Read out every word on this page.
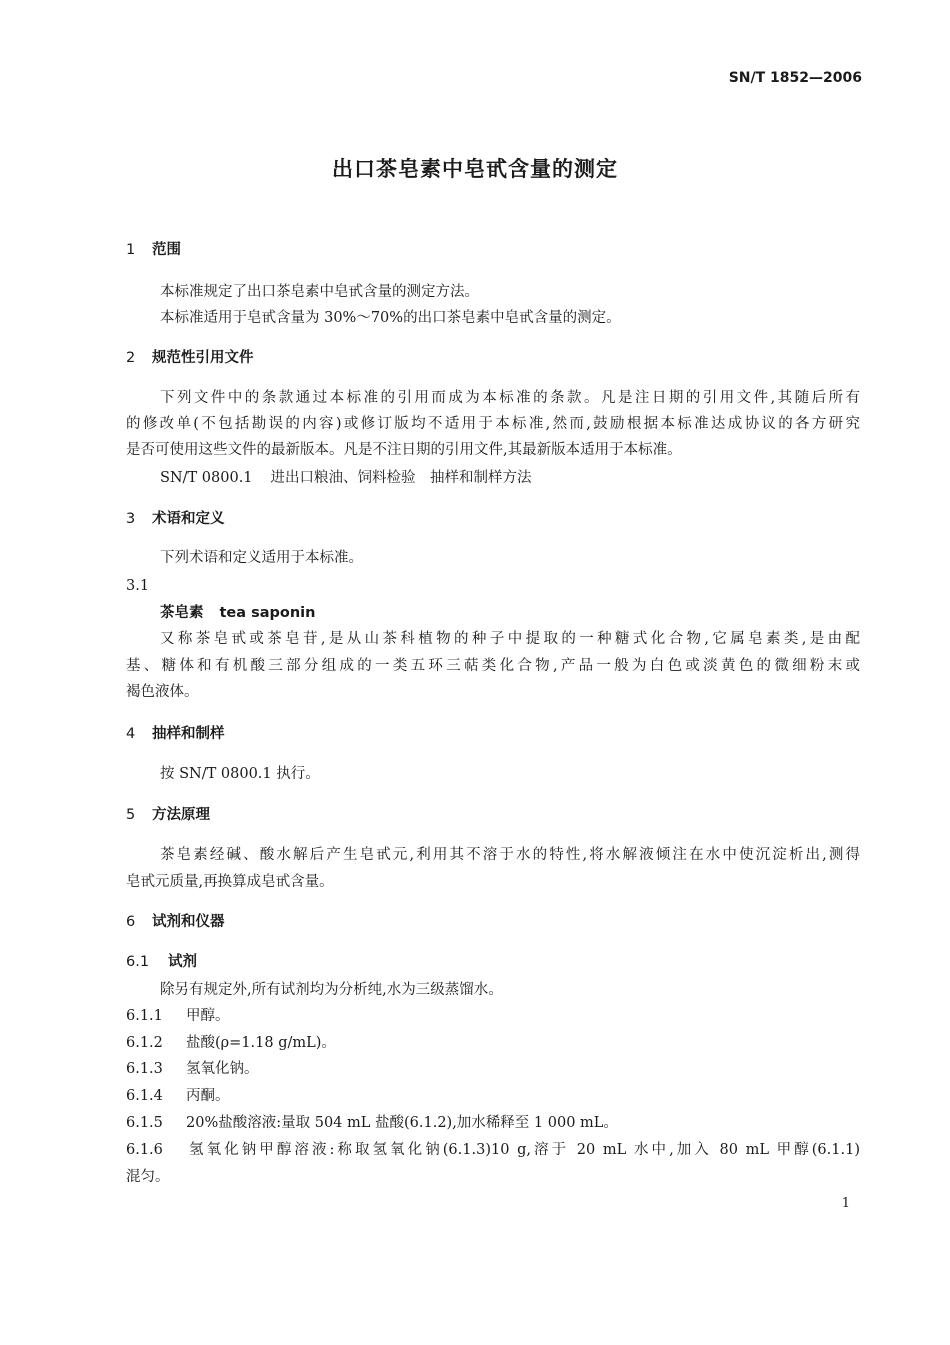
SN/T 1852—2006
出口茶皂素中皂甙含量的测定
1 范围
本标准规定了出口茶皂素中皂甙含量的测定方法。
本标准适用于皂甙含量为 30%～70%的出口茶皂素中皂甙含量的测定。
2 规范性引用文件
下列文件中的条款通过本标准的引用而成为本标准的条款。凡是注日期的引用文件,其随后所有
的修改单(不包括勘误的内容)或修订版均不适用于本标准,然而,鼓励根据本标准达成协议的各方研究
是否可使用这些文件的最新版本。凡是不注日期的引用文件,其最新版本适用于本标准。
SN/T 0800.1 进出口粮油、饲料检验　抽样和制样方法
3 术语和定义
下列术语和定义适用于本标准。
3.1
茶皂素 tea saponin
又称茶皂甙或茶皂苷,是从山茶科植物的种子中提取的一种糖式化合物,它属皂素类,是由配
基、糖体和有机酸三部分组成的一类五环三萜类化合物,产品一般为白色或淡黄色的微细粉末或
褐色液体。
4 抽样和制样
按 SN/T 0800.1 执行。
5 方法原理
茶皂素经碱、酸水解后产生皂甙元,利用其不溶于水的特性,将水解液倾注在水中使沉淀析出,测得
皂甙元质量,再换算成皂甙含量。
6 试剂和仪器
6.1 试剂
除另有规定外,所有试剂均为分析纯,水为三级蒸馏水。
6.1.1 甲醇。
6.1.2 盐酸(ρ=1.18 g/mL)。
6.1.3 氢氧化钠。
6.1.4 丙酮。
6.1.5 20%盐酸溶液:量取 504 mL 盐酸(6.1.2),加水稀释至 1 000 mL。
6.1.6 氢氧化钠甲醇溶液:称取氢氧化钠(6.1.3)10 g,溶于 20 mL 水中,加入 80 mL 甲醇(6.1.1)
混匀。
1
